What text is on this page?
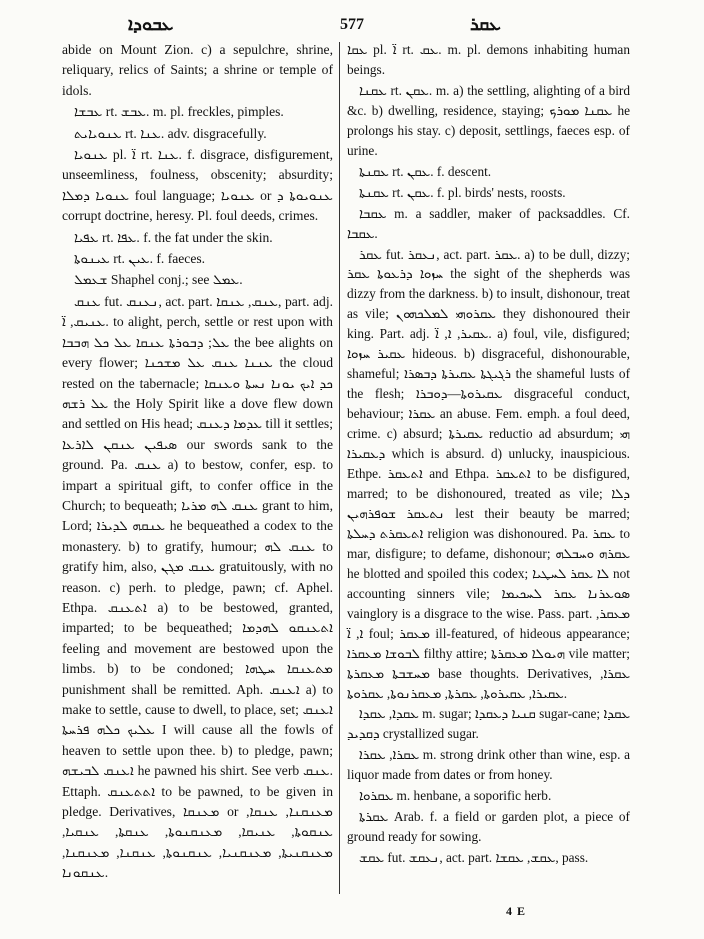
ܥܒܘܕܐ	577	ܥܩܪ

abide on Mount Zion. c) a sepulchre, shrine, reliquary, relics of Saints; a shrine or temple of idols.

ܥܒܫܐ rt. ܥܒܫ. m. pl. freckles, pimples.

ܥܢܘܝܐܝܬ rt. ܥܢܐ. adv. disgracefully.

ܥܢܘܝܐ pl. ܐ̈ rt. ܥܢܐ. f. disgrace, disfigurement, unseemliness, foulness, obscenity; absurdity; ܥܢܘܝܐ ܕܡܠܐ foul language; ܥܢܘܝܐ or ܥܢܘܝܘܬܐ ܕ corrupt doctrine, heresy. Pl. foul deeds, crimes.

ܥܦܝܐ rt. ܥܦܐ. f. the fat under the skin.

ܥܝܢܘܬܐ rt. ܥܝܢ. f. faeces.

ܫܥܡܠ Shaphel conj.; see ܥܡܠ.

ܥܢܩ fut. ܢܥܢܩ, act. part. ܥܢܩ, ܥܢܩܐ, part. adj. ܥܢܝܩ, ܐ̈. to alight, perch, settle or rest upon with ܥܠ; ܕܒܘܪܬܐ ܥܢܩܐ ܥܠ ܟܠ ܗܒܒܐ the bee alights on every flower; ܥܢܢܐ ܥܢܩ ܥܠ ܡܫܟܢܐ the cloud rested on the tabernacle; ܟܕ ܐܝܟ ܝܘܢܐ ܢܚܬܐ ܘܥܢܩܐ ܥܠ ܪܫܗ the Holy Spirit like a dove flew down and settled on His head; ܥܕܡܐ ܕܥܢܩ till it settles; ܣܝܦܝܢ ܥܢܩܢ ܠܐܪܥܐ our swords sank to the ground. Pa. ܥܢܩ a) to bestow, confer, esp. to impart a spiritual gift, to confer office in the Church; to bequeath; ܥܢܩ ܠܗ ܡܪܝܐ grant to him, Lord; ܥܢܩܗ ܠܕܝܪܐ he bequeathed a codex to the monastery. b) to gratify, humour; ܥܢܩ ܠܗ to gratify him, also, ܥܢܩ ܡܓܢ gratuitously, with no reason. c) perh. to pledge, pawn; cf. Aphel. Ethpa. ܐܬܥܢܩ a) to be bestowed, granted, imparted; to be bequeathed; ܐܬܥܢܩܘ ܠܗܕܡܐ feeling and movement are bestowed upon the limbs. b) to be condoned; ܡܬܥܢܩܐ ܚܛܗܐ punishment shall be remitted. Aph. ܐܥܢܩ a) to make to settle, cause to dwell, to place, set; ܐܥܢܩ ܥܠܝܟ ܟܠܗ ܦܪܚܬܐ I will cause all the fowls of heaven to settle upon thee. b) to pledge, pawn; ܐܥܢܩ ܠܒܝܫܗ he pawned his shirt. See verb ܥܢܩ. Ettaph. ܐܬܬܥܢܩ to be pawned, to be given in pledge. Derivatives, ܡܥܢܩܐ or ܡܥܢܩܢܐ, ܥܢܩܐ, ܥܢܩܘܬܐ, ܥܢܝܩܐ, ܡܥܢܩܢܘܬܐ, ܥܢܩܬܐ, ܥܢܩܝܐ, ܡܥܢܩܢܝܬܐ, ܡܥܢܩܢܝܐ, ܥܢܩܢܘܬܐ, ܥܢܩܢܐ, ܡܥܢܩܢܐ, ܥܢܩܘܢܐ.

ܥܩܐ pl. ܐ̈ rt. ܥܩ. m. pl. demons inhabiting human beings.

ܥܩܢܐ rt. ܥܩܢ. m. a) the settling, alighting of a bird &c. b) dwelling, residence, staying; ܥܩܢܐ ܡܘܪܟ he prolongs his stay. c) deposit, settlings, faeces esp. of urine.

ܥܩܢܬܐ rt. ܥܩܢ. f. descent.

ܥܩܢܬܐ rt. ܥܩܢ. f. pl. birds' nests, roosts.

ܥܩܒܐ m. a saddler, maker of packsaddles. Cf. ܥܩܒܐ.

ܥܩܪ fut. ܢܥܩܪ, act. part. ܥܩܪ. a) to be dull, dizzy; ܚܙܘܐ ܕܪܥܘܬܐ ܥܩܪ the sight of the shepherds was dizzy from the darkness. b) to insult, dishonour, treat as vile; ܥܩܪܘܗܝ ܠܡܠܟܗܘܢ they dishonoured their king. Part. adj. ܥܩܝܪ, ܐ, ܐ̈. a) foul, vile, disfigured; ܥܩܝܪ ܚܙܘܐ hideous. b) disgraceful, dishonourable, shameful; ܪܓܝܓܬܐ ܥܩܝܪܬܐ ܕܒܣܪܐ the shameful lusts of the flesh; ܥܩܝܪܘܬܐ—ܕܘܒܪܐ disgraceful conduct, behaviour; ܥܩܪܐ an abuse. Fem. emph. a foul deed, crime. c) absurd; ܥܩܝܪܬܐ reductio ad absurdum; ܗܝ ܕܥܩܝܪܐ which is absurd. d) unlucky, inauspicious. Ethpe. ܐܬܥܩܪ and Ethpa. ܐܬܥܩܪ to be disfigured, marred; to be dishonoured, treated as vile; ܕܠܐ ܢܬܥܩܪ ܫܘܦܪܗܝܢ lest their beauty be marred; ܐܬܥܩܪܬ ܕܚܠܬܐ religion was dishonoured. Pa. ܥܩܪ to mar, disfigure; to defame, dishonour; ܥܩܪܗ ܘܚܒܠܗ he blotted and spoiled this codex; ܠܐ ܥܩܪ ܠܚܛܝܐ not accounting sinners vile; ܣܘܥܪܢܐ ܥܩܪ ܠܚܟܝܡܐ vainglory is a disgrace to the wise. Pass. part. ܡܥܩܪ, ܐ, ܐ̈ foul; ܡܥܩܪ ill-featured, of hideous appearance; ܠܒܘܫܐ ܡܥܩܪܐ filthy attire; ܗܝܘܠܐ ܡܥܩܪܬܐ vile matter; ܡܚܫܒܬܐ ܡܥܩܪܬܐ base thoughts. Derivatives, ܥܩܪܐ, ܥܩܝܪܐ, ܥܩܝܪܘܬܐ, ܥܩܪܬܐ, ܡܥܩܪܢܘܬܐ, ܥܩܪܘܬܐ.

ܥܩܕܐ, ܥܩܕܐ m. sugar; ܩܢܝܐ ܕܥܩܕܐ sugar-cane; ܥܩܕܐ ܕܩܕܝܕ crystallized sugar.

ܥܩܪܐ, ܥܩܪܐ m. strong drink other than wine, esp. a liquor made from dates or from honey.

ܥܩܪܘܐ m. henbane, a soporific herb.

ܥܩܪܬܐ Arab. f. a field or garden plot, a piece of ground ready for sowing.

ܥܩܫ fut. ܢܥܩܫ, act. part. ܥܩܫ, ܥܩܫܐ, pass.

4 E
